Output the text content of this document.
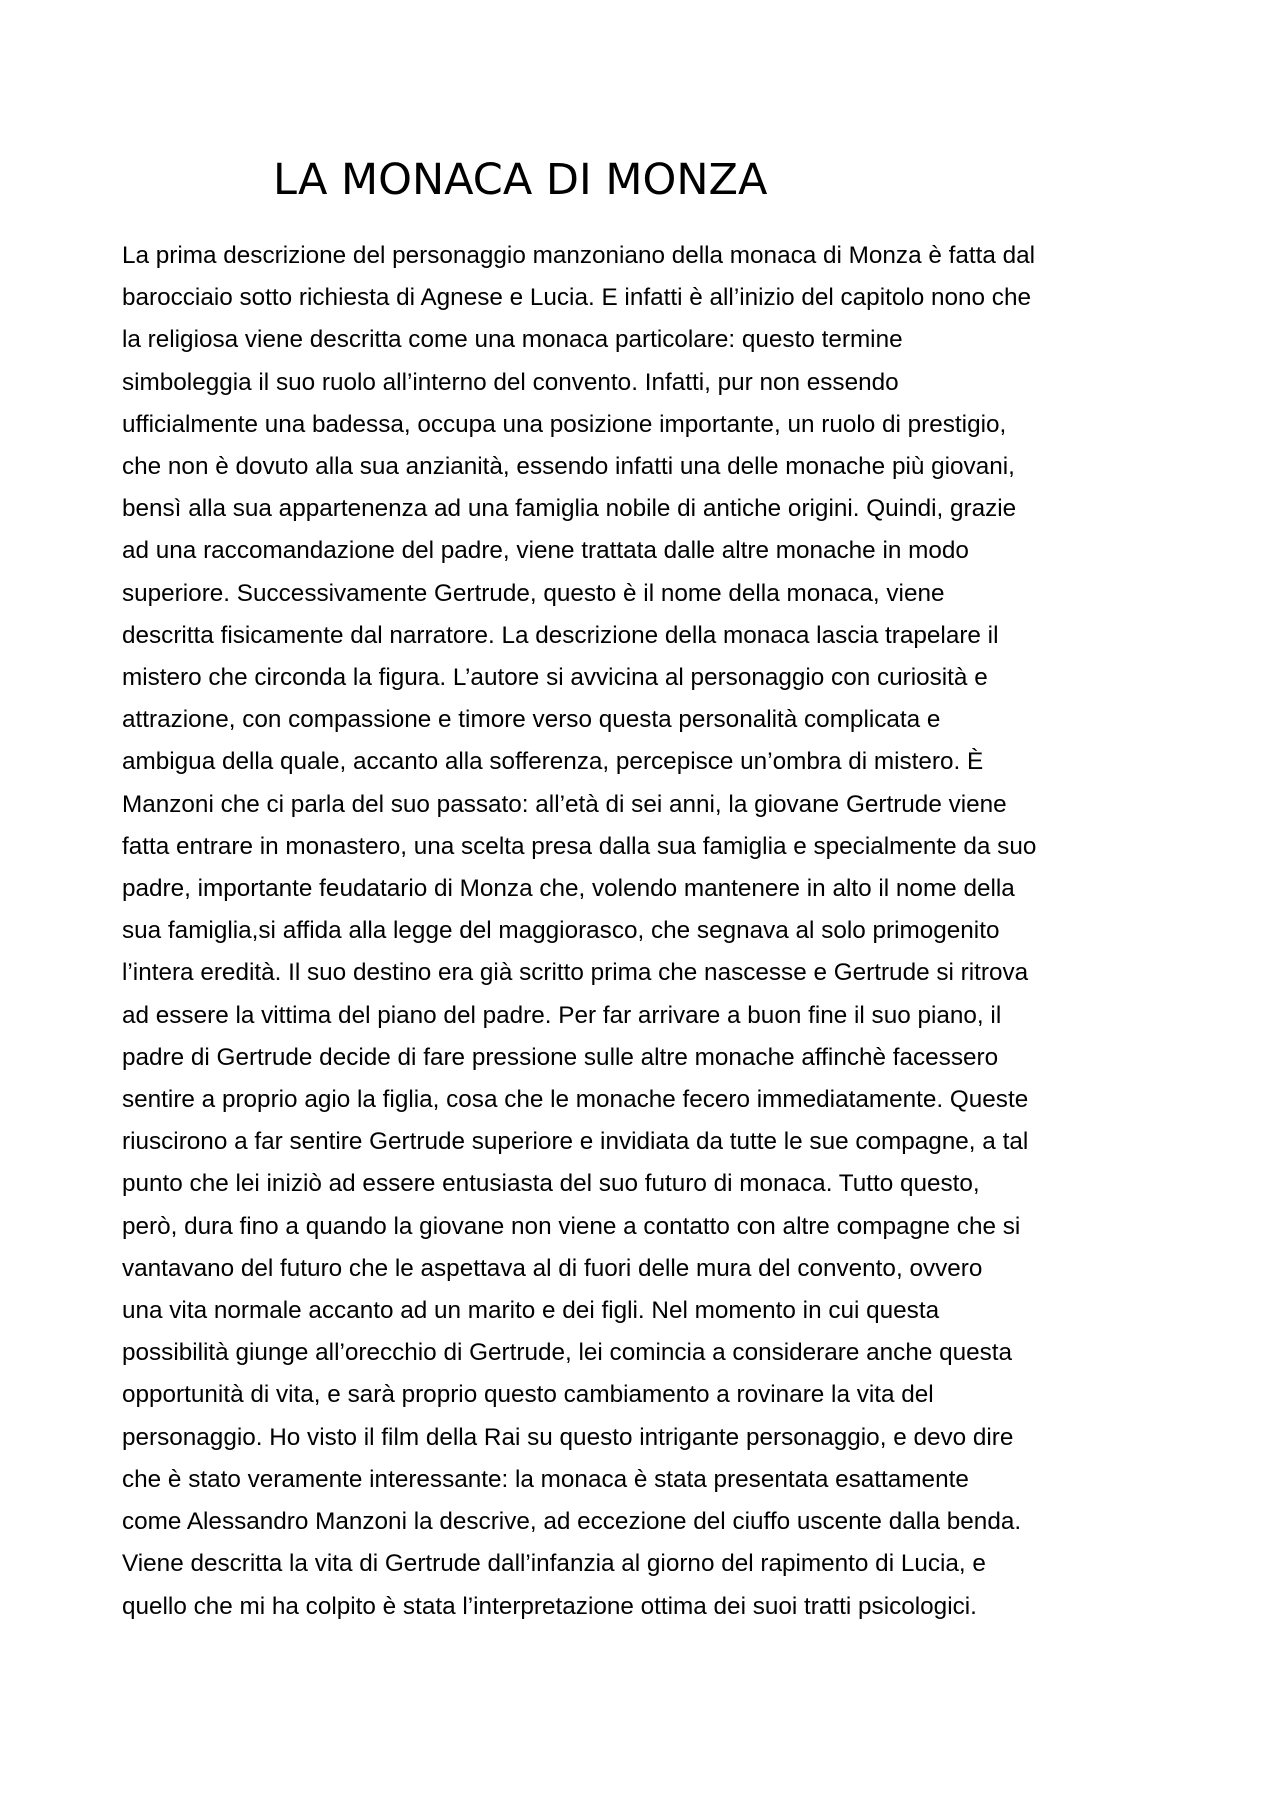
LA MONACA DI MONZA
La prima descrizione del personaggio manzoniano della monaca di Monza è fatta dal
barocciaio sotto richiesta di Agnese e Lucia. E infatti è all’inizio del capitolo nono che
la religiosa viene descritta come una monaca particolare: questo termine
simboleggia il suo ruolo all’interno del convento. Infatti, pur non essendo
ufficialmente una badessa, occupa una posizione importante, un ruolo di prestigio,
che non è dovuto alla sua anzianità, essendo infatti una delle monache più giovani,
bensì alla sua appartenenza ad una famiglia nobile di antiche origini. Quindi, grazie
ad una raccomandazione del padre, viene trattata dalle altre monache in modo
superiore. Successivamente Gertrude, questo è il nome della monaca, viene
descritta fisicamente dal narratore. La descrizione della monaca lascia trapelare il
mistero che circonda la figura. L’autore si avvicina al personaggio con curiosità e
attrazione, con compassione e timore verso questa personalità complicata e
ambigua della quale, accanto alla sofferenza, percepisce un’ombra di mistero. È
Manzoni che ci parla del suo passato: all’età di sei anni, la giovane Gertrude viene
fatta entrare in monastero, una scelta presa dalla sua famiglia e specialmente da suo
padre, importante feudatario di Monza che, volendo mantenere in alto il nome della
sua famiglia,si affida alla legge del maggiorasco, che segnava al solo primogenito
l’intera eredità. Il suo destino era già scritto prima che nascesse e Gertrude si ritrova
ad essere la vittima del piano del padre. Per far arrivare a buon fine il suo piano, il
padre di Gertrude decide di fare pressione sulle altre monache affinchè facessero
sentire a proprio agio la figlia, cosa che le monache fecero immediatamente. Queste
riuscirono a far sentire Gertrude superiore e invidiata da tutte le sue compagne, a tal
punto che lei iniziò ad essere entusiasta del suo futuro di monaca. Tutto questo,
però, dura fino a quando la giovane non viene a contatto con altre compagne che si
vantavano del futuro che le aspettava al di fuori delle mura del convento, ovvero
una vita normale accanto ad un marito e dei figli. Nel momento in cui questa
possibilità giunge all’orecchio di Gertrude, lei comincia a considerare anche questa
opportunità di vita, e sarà proprio questo cambiamento a rovinare la vita del
personaggio. Ho visto il film della Rai su questo intrigante personaggio, e devo dire
che è stato veramente interessante: la monaca è stata presentata esattamente
come Alessandro Manzoni la descrive, ad eccezione del ciuffo uscente dalla benda.
Viene descritta la vita di Gertrude dall’infanzia al giorno del rapimento di Lucia, e
quello che mi ha colpito è stata l’interpretazione ottima dei suoi tratti psicologici.
